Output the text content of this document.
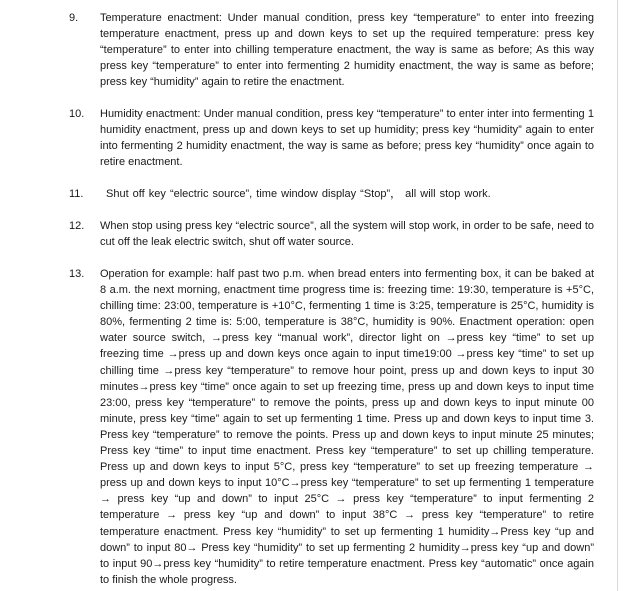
9. Temperature enactment: Under manual condition, press key “temperature” to enter into freezing temperature enactment, press up and down keys to set up the required temperature: press key “temperature” to enter into chilling temperature enactment, the way is same as before; As this way press key “temperature” to enter into fermenting 2 humidity enactment, the way is same as before; press key “humidity” again to retire the enactment.
10. Humidity enactment: Under manual condition, press key “temperature” to enter inter into fermenting 1 humidity enactment, press up and down keys to set up humidity; press key “humidity” again to enter into fermenting 2 humidity enactment, the way is same as before; press key “humidity” once again to retire enactment.
11. Shut off key “electric source”, time window display “Stop”， all will stop work.
12. When stop using press key “electric source”, all the system will stop work, in order to be safe, need to cut off the leak electric switch, shut off water source.
13. Operation for example: half past two p.m. when bread enters into fermenting box, it can be baked at 8 a.m. the next morning, enactment time progress time is: freezing time: 19:30, temperature is +5°C, chilling time: 23:00, temperature is +10°C, fermenting 1 time is 3:25, temperature is 25°C, humidity is 80%, fermenting 2 time is: 5:00, temperature is 38°C, humidity is 90%. Enactment operation: open water source switch, →press key “manual work”, director light on →press key “time” to set up freezing time →press up and down keys once again to input time19:00 →press key “time” to set up chilling time →press key “temperature” to remove hour point, press up and down keys to input 30 minutes→press key “time” once again to set up freezing time, press up and down keys to input time 23:00, press key “temperature” to remove the points, press up and down keys to input minute 00 minute, press key “time” again to set up fermenting 1 time. Press up and down keys to input time 3. Press key “temperature” to remove the points. Press up and down keys to input minute 25 minutes; Press key “time” to input time enactment. Press key “temperature” to set up chilling temperature. Press up and down keys to input 5°C, press key “temperature” to set up freezing temperature → press up and down keys to input 10°C→press key “temperature” to set up fermenting 1 temperature → press key “up and down” to input 25°C → press key “temperature” to input fermenting 2 temperature → press key “up and down” to input 38°C → press key “temperature” to retire temperature enactment. Press key “humidity” to set up fermenting 1 humidity→Press key “up and down” to input 80→ Press key “humidity” to set up fermenting 2 humidity→press key “up and down” to input 90→press key “humidity” to retire temperature enactment. Press key “automatic” once again to finish the whole progress.
